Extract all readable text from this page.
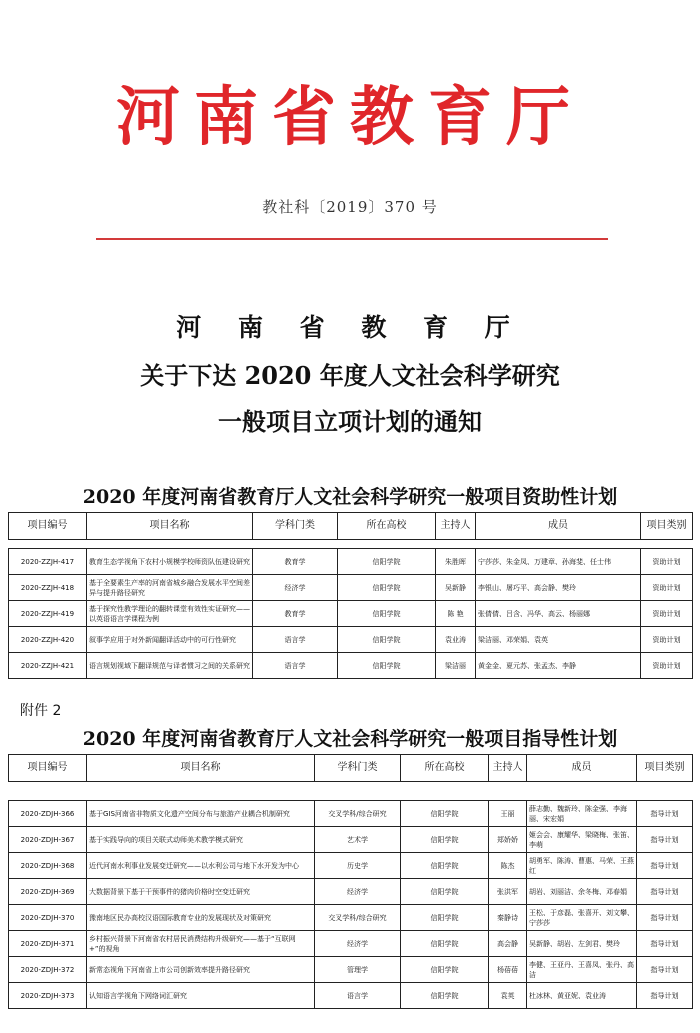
河南省教育厅
教社科〔2019〕370 号
河 南 省 教 育 厅
关于下达 2020 年度人文社会科学研究
一般项目立项计划的通知
2020 年度河南省教育厅人文社会科学研究一般项目资助性计划
项目编号	项目名称	学科门类	所在高校	主持人	成员	项目类别
2020-ZZJH-417	教育生态学视角下农村小规模学校师资队伍建设研究	教育学	信阳学院	朱胜晖	宁莎莎、朱金凤、万建章、孙海斐、任士伟	资助计划
2020-ZZJH-418	基于全要素生产率的河南省城乡融合发展水平空间差异与提升路径研究	经济学	信阳学院	吴新静	李银山、屠巧平、高会静、樊玲	资助计划
2020-ZZJH-419	基于探究性教学理论的翻转课堂有效性实证研究——以英语语言学课程为例	教育学	信阳学院	陈 艳	张倩倩、吕含、冯华、高云、杨丽娜	资助计划
2020-ZZJH-420	叙事学应用于对外新闻翻译活动中的可行性研究	语言学	信阳学院	袁业涛	梁洁丽、邓荣娟、袁英	资助计划
2020-ZZJH-421	语言规划视域下翻译规范与译者惯习之间的关系研究	语言学	信阳学院	梁洁丽	黄金金、夏元苏、张孟杰、李静	资助计划
附件 2
2020 年度河南省教育厅人文社会科学研究一般项目指导性计划
项目编号	项目名称	学科门类	所在高校	主持人	成员	项目类别
2020-ZDJH-366	基于GIS河南省非物质文化遗产空间分布与旅游产业耦合机制研究	交叉学科/综合研究	信阳学院	王丽	薛志勤、魏新玲、陈金强、李海丽、宋宏娟	指导计划
2020-ZDJH-367	基于实践导向的项目关联式动师美术教学模式研究	艺术学	信阳学院	郑娇娇	姬会会、康耀华、梁晓梅、张笛、李萌	指导计划
2020-ZDJH-368	近代河南水利事业发展变迁研究——以水利公司与地下水开发为中心	历史学	信阳学院	陈杰	胡勇军、陈涛、曹惠、马荣、王燕红	指导计划
2020-ZDJH-369	大数据背景下基于干预事件的猪肉价格时空变迁研究	经济学	信阳学院	张洪军	胡岩、刘丽洁、余冬梅、邓春娟	指导计划
2020-ZDJH-370	豫南地区民办高校汉语国际教育专业的发展现状及对策研究	交叉学科/综合研究	信阳学院	秦静诗	王松、于彦磊、张喜开、刘文攀、宁莎莎	指导计划
2020-ZDJH-371	乡村振兴背景下河南省农村居民消费结构升级研究——基于“互联网+”的视角	经济学	信阳学院	高会静	吴新静、胡岩、左剑君、樊玲	指导计划
2020-ZDJH-372	新常态视角下河南省上市公司创新效率提升路径研究	管理学	信阳学院	杨蓓蓓	李健、王亚丹、王喜凤、张丹、高洁	指导计划
2020-ZDJH-373	认知语言学视角下网络词汇研究	语言学	信阳学院	袁英	杜冰林、黄亚妮、袁业涛	指导计划
